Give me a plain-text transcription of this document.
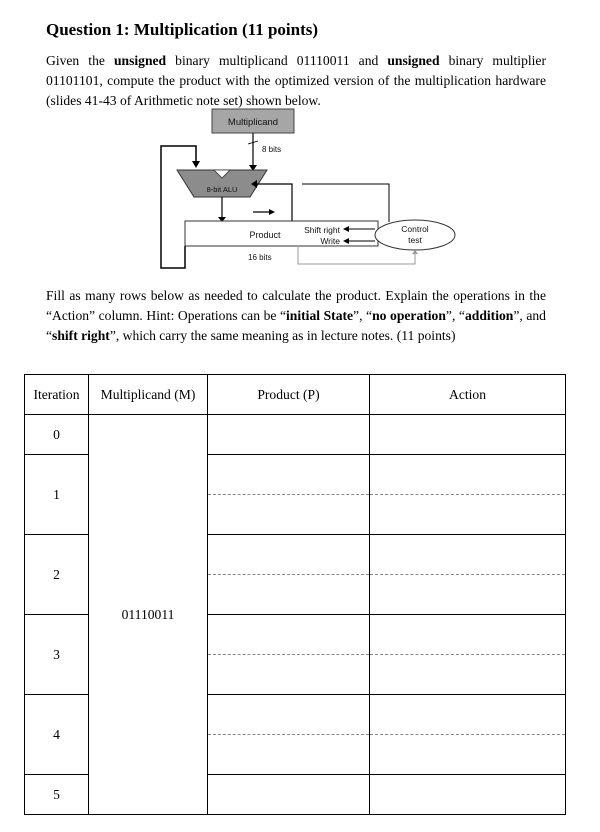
Question 1: Multiplication (11 points)

Given the unsigned binary multiplicand 01110011 and unsigned binary multiplier 01101101, compute the product with the optimized version of the multiplication hardware (slides 41-43 of Arithmetic note set) shown below.

Multiplicand
8 bits
8-bit ALU
Product	Shift right
Write
16 bits
Control
test

Fill as many rows below as needed to calculate the product. Explain the operations in the “Action” column. Hint: Operations can be “initial State”, “no operation”, “addition”, and “shift right”, which carry the same meaning as in lecture notes. (11 points)

Iteration	Multiplicand (M)	Product (P)	Action
0	01110011		
1			

2			

3			

4			

5			
